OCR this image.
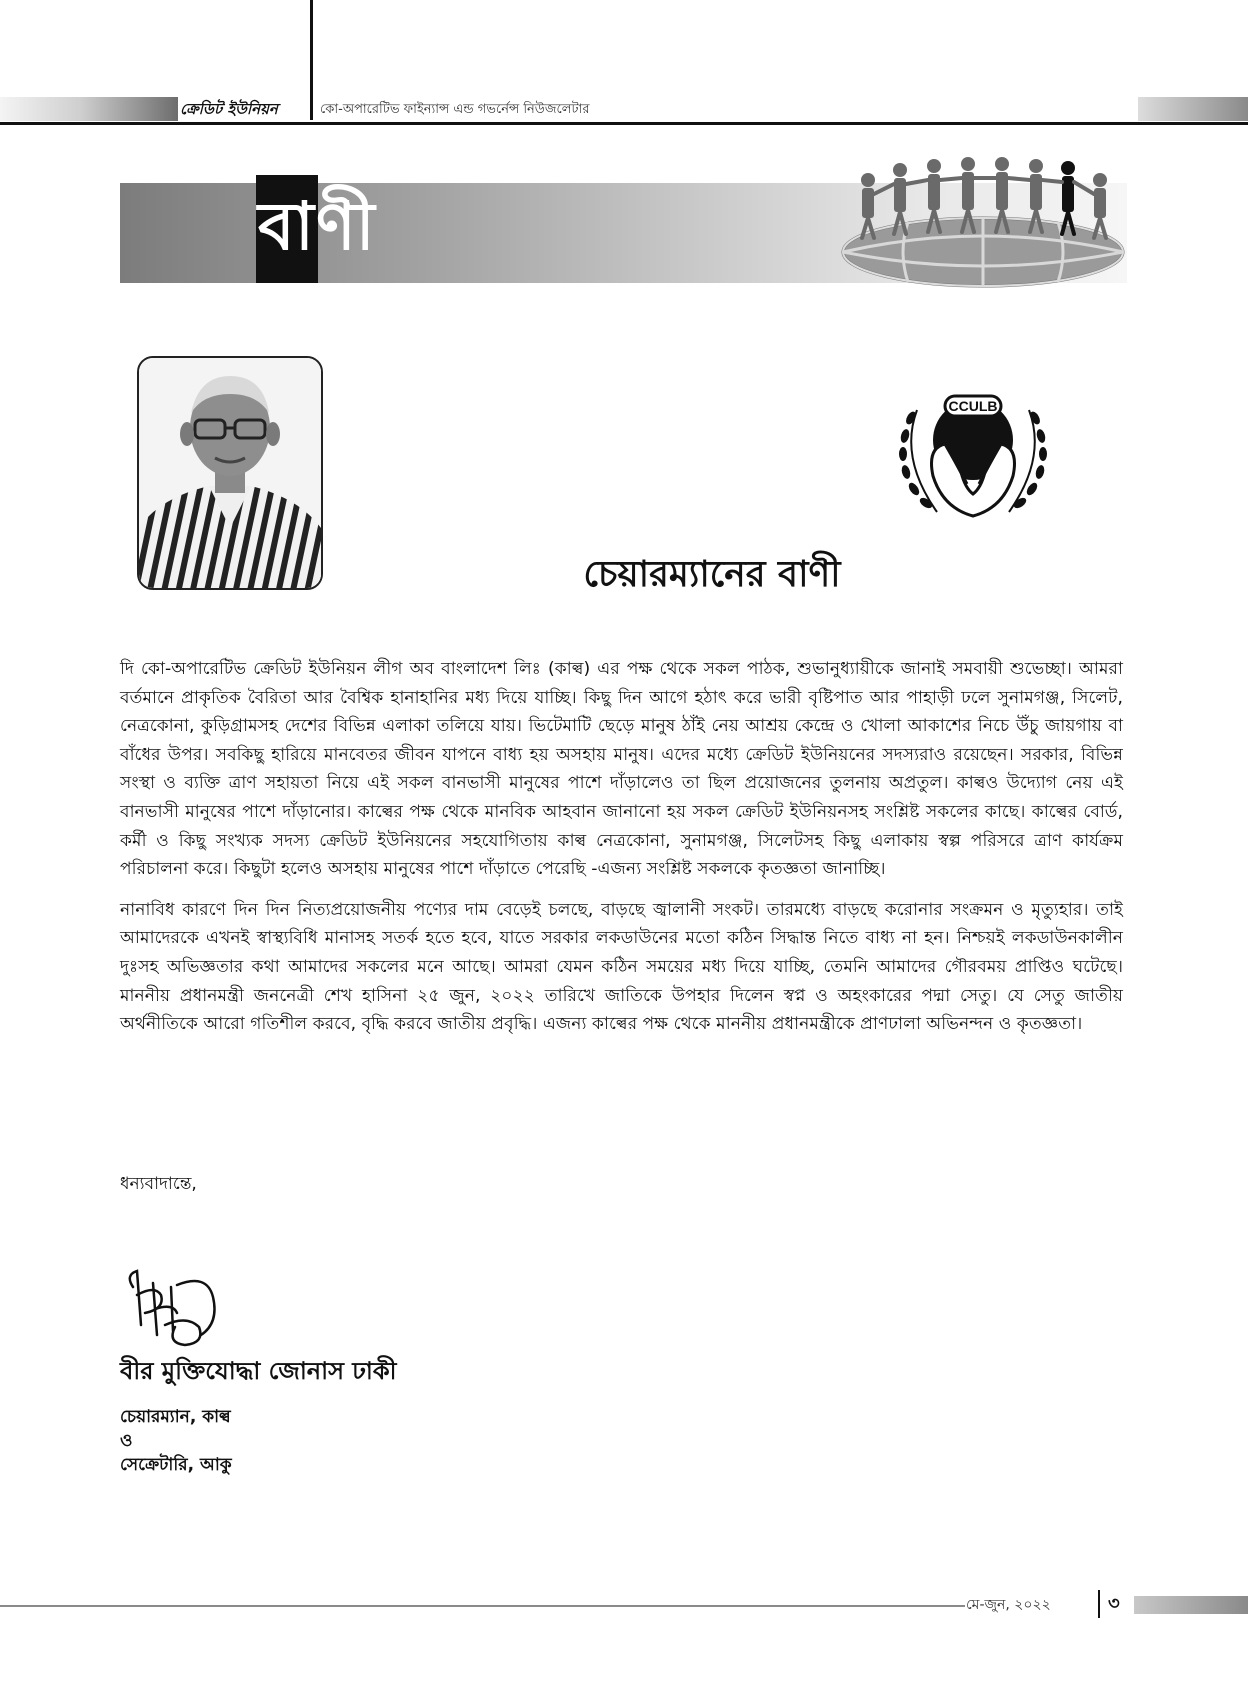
ক্রেডিট ইউনিয়ন	কো-অপারেটিভ ফাইন্যান্স এন্ড গভর্নেন্স নিউজলেটার
বাণী
CCULB
চেয়ারম্যানের বাণী

দি কো-অপারেটিভ ক্রেডিট ইউনিয়ন লীগ অব বাংলাদেশ লিঃ (কাল্ব) এর পক্ষ থেকে সকল পাঠক, শুভানুধ্যায়ীকে জানাই সমবায়ী শুভেচ্ছা। আমরা বর্তমানে প্রাকৃতিক বৈরিতা আর বৈশ্বিক হানাহানির মধ্য দিয়ে যাচ্ছি। কিছু দিন আগে হঠাৎ করে ভারী বৃষ্টিপাত আর পাহাড়ী ঢলে সুনামগঞ্জ, সিলেট, নেত্রকোনা, কুড়িগ্রামসহ দেশের বিভিন্ন এলাকা তলিয়ে যায়। ভিটেমাটি ছেড়ে মানুষ ঠাঁই নেয় আশ্রয় কেন্দ্রে ও খোলা আকাশের নিচে উঁচু জায়গায় বা বাঁধের উপর। সবকিছু হারিয়ে মানবেতর জীবন যাপনে বাধ্য হয় অসহায় মানুষ। এদের মধ্যে ক্রেডিট ইউনিয়নের সদস্যরাও রয়েছেন। সরকার, বিভিন্ন সংস্থা ও ব্যক্তি ত্রাণ সহায়তা নিয়ে এই সকল বানভাসী মানুষের পাশে দাঁড়ালেও তা ছিল প্রয়োজনের তুলনায় অপ্রতুল। কাল্বও উদ্যোগ নেয় এই বানভাসী মানুষের পাশে দাঁড়ানোর। কাল্বের পক্ষ থেকে মানবিক আহবান জানানো হয় সকল ক্রেডিট ইউনিয়নসহ সংশ্লিষ্ট সকলের কাছে। কাল্বের বোর্ড, কর্মী ও কিছু সংখ্যক সদস্য ক্রেডিট ইউনিয়নের সহযোগিতায় কাল্ব নেত্রকোনা, সুনামগঞ্জ, সিলেটসহ কিছু এলাকায় স্বল্প পরিসরে ত্রাণ কার্যক্রম পরিচালনা করে। কিছুটা হলেও অসহায় মানুষের পাশে দাঁড়াতে পেরেছি -এজন্য সংশ্লিষ্ট সকলকে কৃতজ্ঞতা জানাচ্ছি।

নানাবিধ কারণে দিন দিন নিত্যপ্রয়োজনীয় পণ্যের দাম বেড়েই চলছে, বাড়ছে জ্বালানী সংকট। তারমধ্যে বাড়ছে করোনার সংক্রমন ও মৃত্যুহার। তাই আমাদেরকে এখনই স্বাস্থ্যবিধি মানাসহ সতর্ক হতে হবে, যাতে সরকার লকডাউনের মতো কঠিন সিদ্ধান্ত নিতে বাধ্য না হন। নিশ্চয়ই লকডাউনকালীন দুঃসহ অভিজ্ঞতার কথা আমাদের সকলের মনে আছে। আমরা যেমন কঠিন সময়ের মধ্য দিয়ে যাচ্ছি, তেমনি আমাদের গৌরবময় প্রাপ্তিও ঘটেছে। মাননীয় প্রধানমন্ত্রী জননেত্রী শেখ হাসিনা ২৫ জুন, ২০২২ তারিখে জাতিকে উপহার দিলেন স্বপ্ন ও অহংকারের পদ্মা সেতু। যে সেতু জাতীয় অর্থনীতিকে আরো গতিশীল করবে, বৃদ্ধি করবে জাতীয় প্রবৃদ্ধি। এজন্য কাল্বের পক্ষ থেকে মাননীয় প্রধানমন্ত্রীকে প্রাণঢালা অভিনন্দন ও কৃতজ্ঞতা।

ধন্যবাদান্তে,
বীর মুক্তিযোদ্ধা জোনাস ঢাকী
চেয়ারম্যান, কাল্ব
ও
সেক্রেটারি, আকু
মে-জুন, ২০২২	৩
